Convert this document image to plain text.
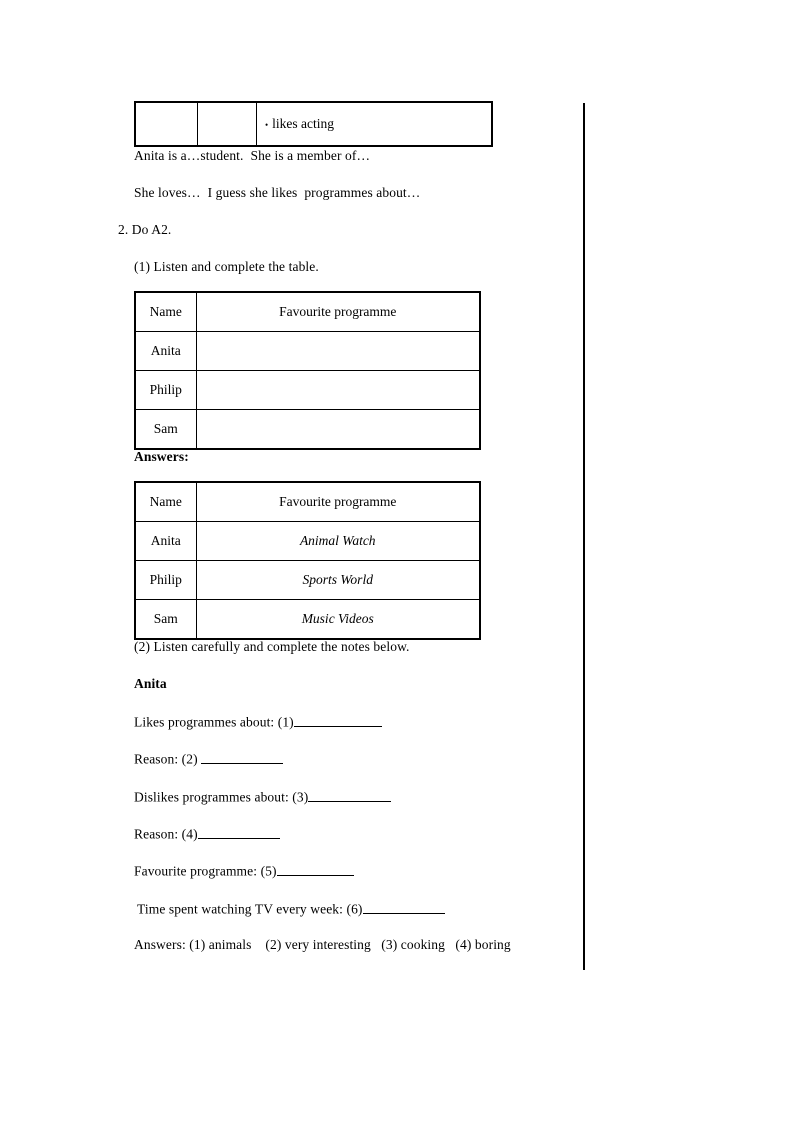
		• likes acting
Anita is a…student.  She is a member of…
She loves…  I guess she likes  programmes about…
2. Do A2.
(1) Listen and complete the table.
Name	Favourite programme
Anita	
Philip	
Sam	
Answers:
Name	Favourite programme
Anita	Animal Watch
Philip	Sports World
Sam	Music Videos
(2) Listen carefully and complete the notes below.
Anita
Likes programmes about: (1)
Reason: (2)
Dislikes programmes about: (3)
Reason: (4)
Favourite programme: (5)
Time spent watching TV every week: (6)
Answers: (1) animals    (2) very interesting   (3) cooking   (4) boring
